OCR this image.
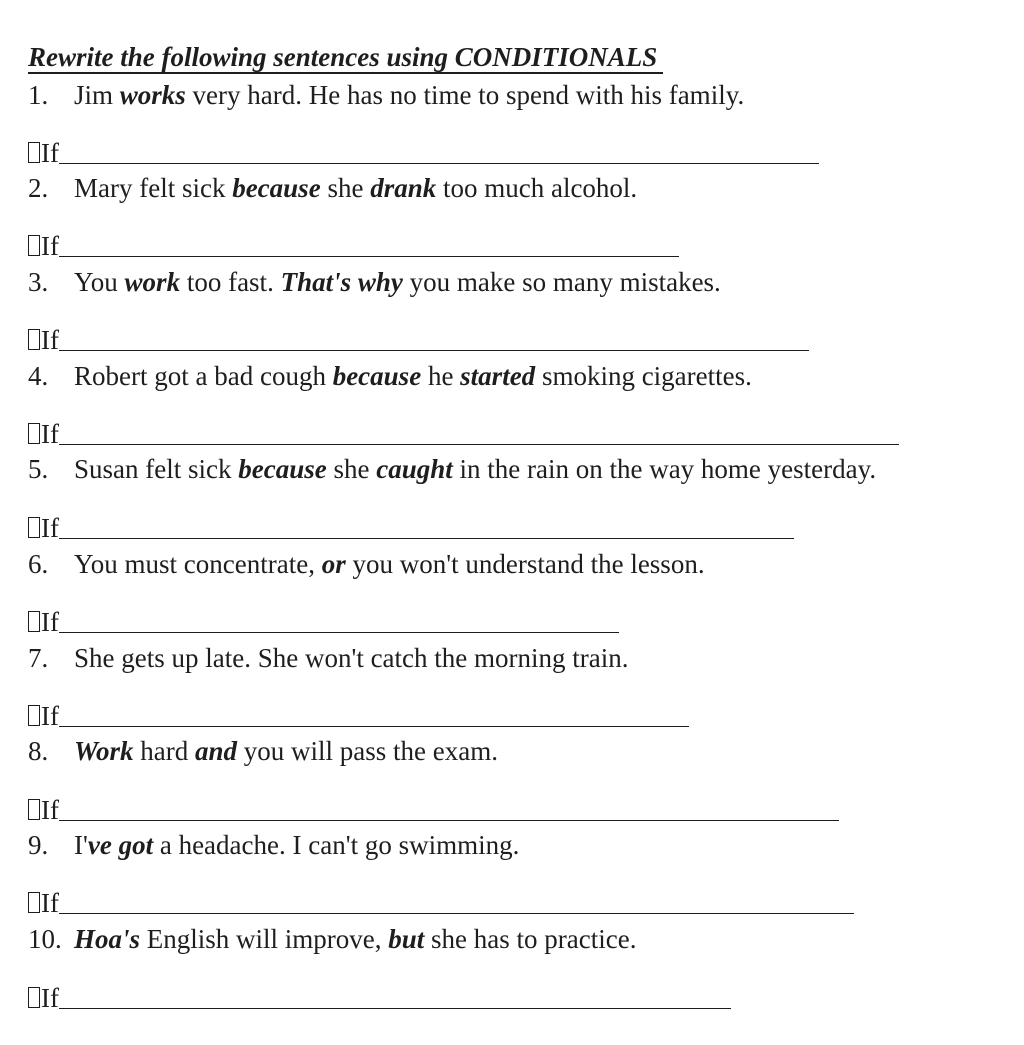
Rewrite the following sentences using CONDITIONALS
1. Jim works very hard. He has no time to spend with his family.
If
2. Mary felt sick because she drank too much alcohol.
If
3. You work too fast. That's why you make so many mistakes.
If
4. Robert got a bad cough because he started smoking cigarettes.
If
5. Susan felt sick because she caught in the rain on the way home yesterday.
If
6. You must concentrate, or you won't understand the lesson.
If
7. She gets up late. She won't catch the morning train.
If
8. Work hard and you will pass the exam.
If
9. I've got a headache. I can't go swimming.
If
10. Hoa's English will improve, but she has to practice.
If
